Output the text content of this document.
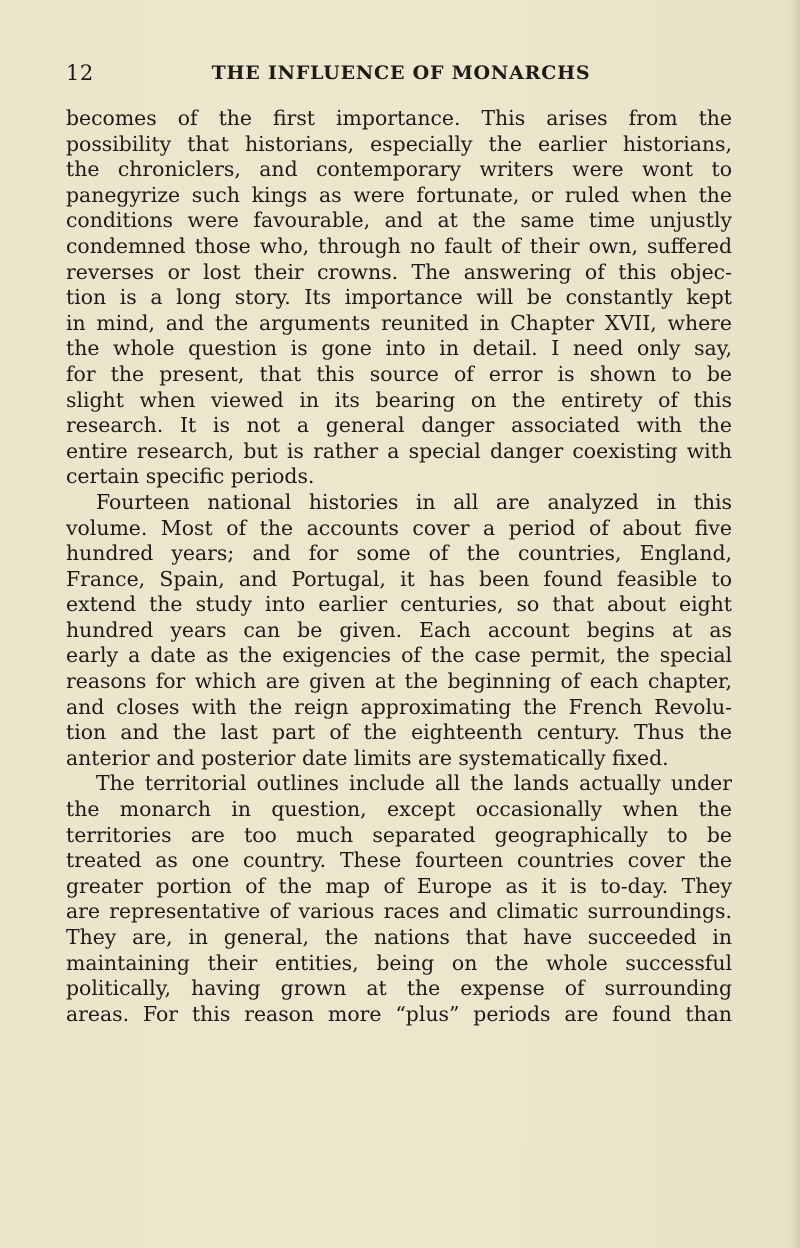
12	THE INFLUENCE OF MONARCHS
becomes of the first importance. This arises from the
possibility that historians, especially the earlier historians,
the chroniclers, and contemporary writers were wont to
panegyrize such kings as were fortunate, or ruled when the
conditions were favourable, and at the same time unjustly
condemned those who, through no fault of their own, suffered
reverses or lost their crowns. The answering of this objec-
tion is a long story. Its importance will be constantly kept
in mind, and the arguments reunited in Chapter XVII, where
the whole question is gone into in detail. I need only say,
for the present, that this source of error is shown to be
slight when viewed in its bearing on the entirety of this
research. It is not a general danger associated with the
entire research, but is rather a special danger coexisting with
certain specific periods.
Fourteen national histories in all are analyzed in this
volume. Most of the accounts cover a period of about five
hundred years; and for some of the countries, England,
France, Spain, and Portugal, it has been found feasible to
extend the study into earlier centuries, so that about eight
hundred years can be given. Each account begins at as
early a date as the exigencies of the case permit, the special
reasons for which are given at the beginning of each chapter,
and closes with the reign approximating the French Revolu-
tion and the last part of the eighteenth century. Thus the
anterior and posterior date limits are systematically fixed.
The territorial outlines include all the lands actually under
the monarch in question, except occasionally when the
territories are too much separated geographically to be
treated as one country. These fourteen countries cover the
greater portion of the map of Europe as it is to-day. They
are representative of various races and climatic surroundings.
They are, in general, the nations that have succeeded in
maintaining their entities, being on the whole successful
politically, having grown at the expense of surrounding
areas. For this reason more “plus” periods are found than
